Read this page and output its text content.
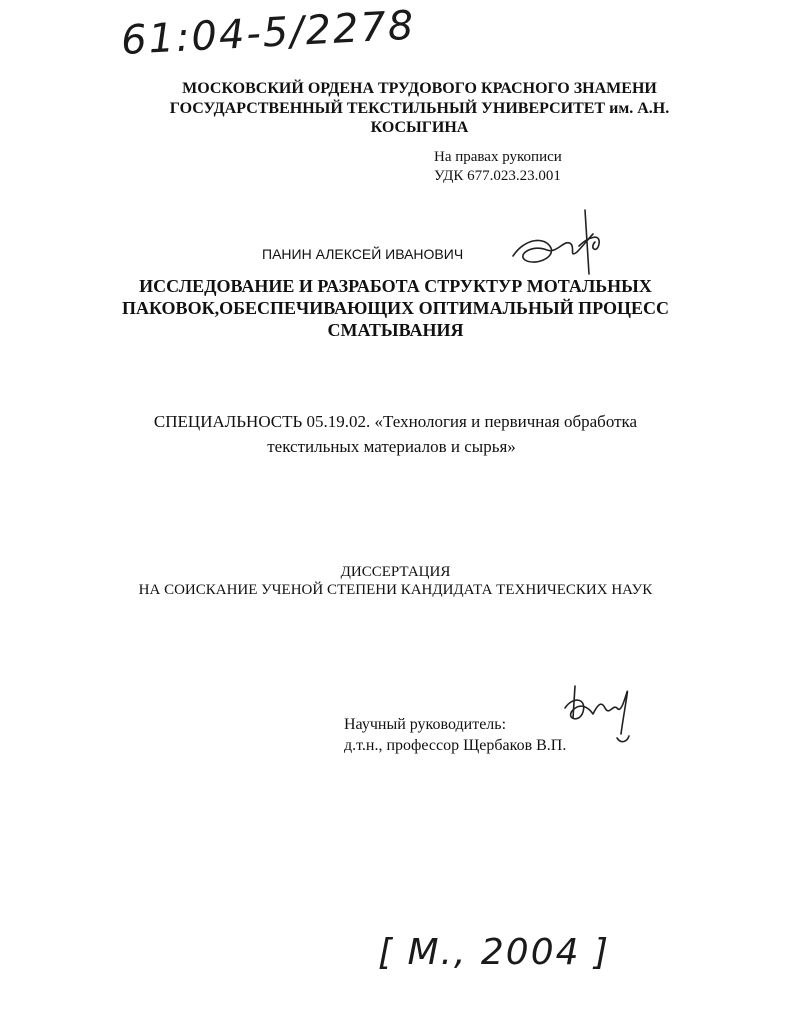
61:04-5/2278
МОСКОВСКИЙ ОРДЕНА ТРУДОВОГО КРАСНОГО ЗНАМЕНИ
ГОСУДАРСТВЕННЫЙ ТЕКСТИЛЬНЫЙ УНИВЕРСИТЕТ им. А.Н.
КОСЫГИНА
На правах рукописи
УДК 677.023.23.001
ПАНИН АЛЕКСЕЙ ИВАНОВИЧ
ИССЛЕДОВАНИЕ И РАЗРАБОТА СТРУКТУР МОТАЛЬНЫХ
ПАКОВОК,ОБЕСПЕЧИВАЮЩИХ ОПТИМАЛЬНЫЙ ПРОЦЕСС
СМАТЫВАНИЯ
СПЕЦИАЛЬНОСТЬ 05.19.02. «Технология и первичная обработка
текстильных материалов и сырья»
ДИССЕРТАЦИЯ
НА СОИСКАНИЕ УЧЕНОЙ СТЕПЕНИ КАНДИДАТА ТЕХНИЧЕСКИХ НАУК
Научный руководитель:
д.т.н., профессор Щербаков В.П.
[ М., 2004 ]
